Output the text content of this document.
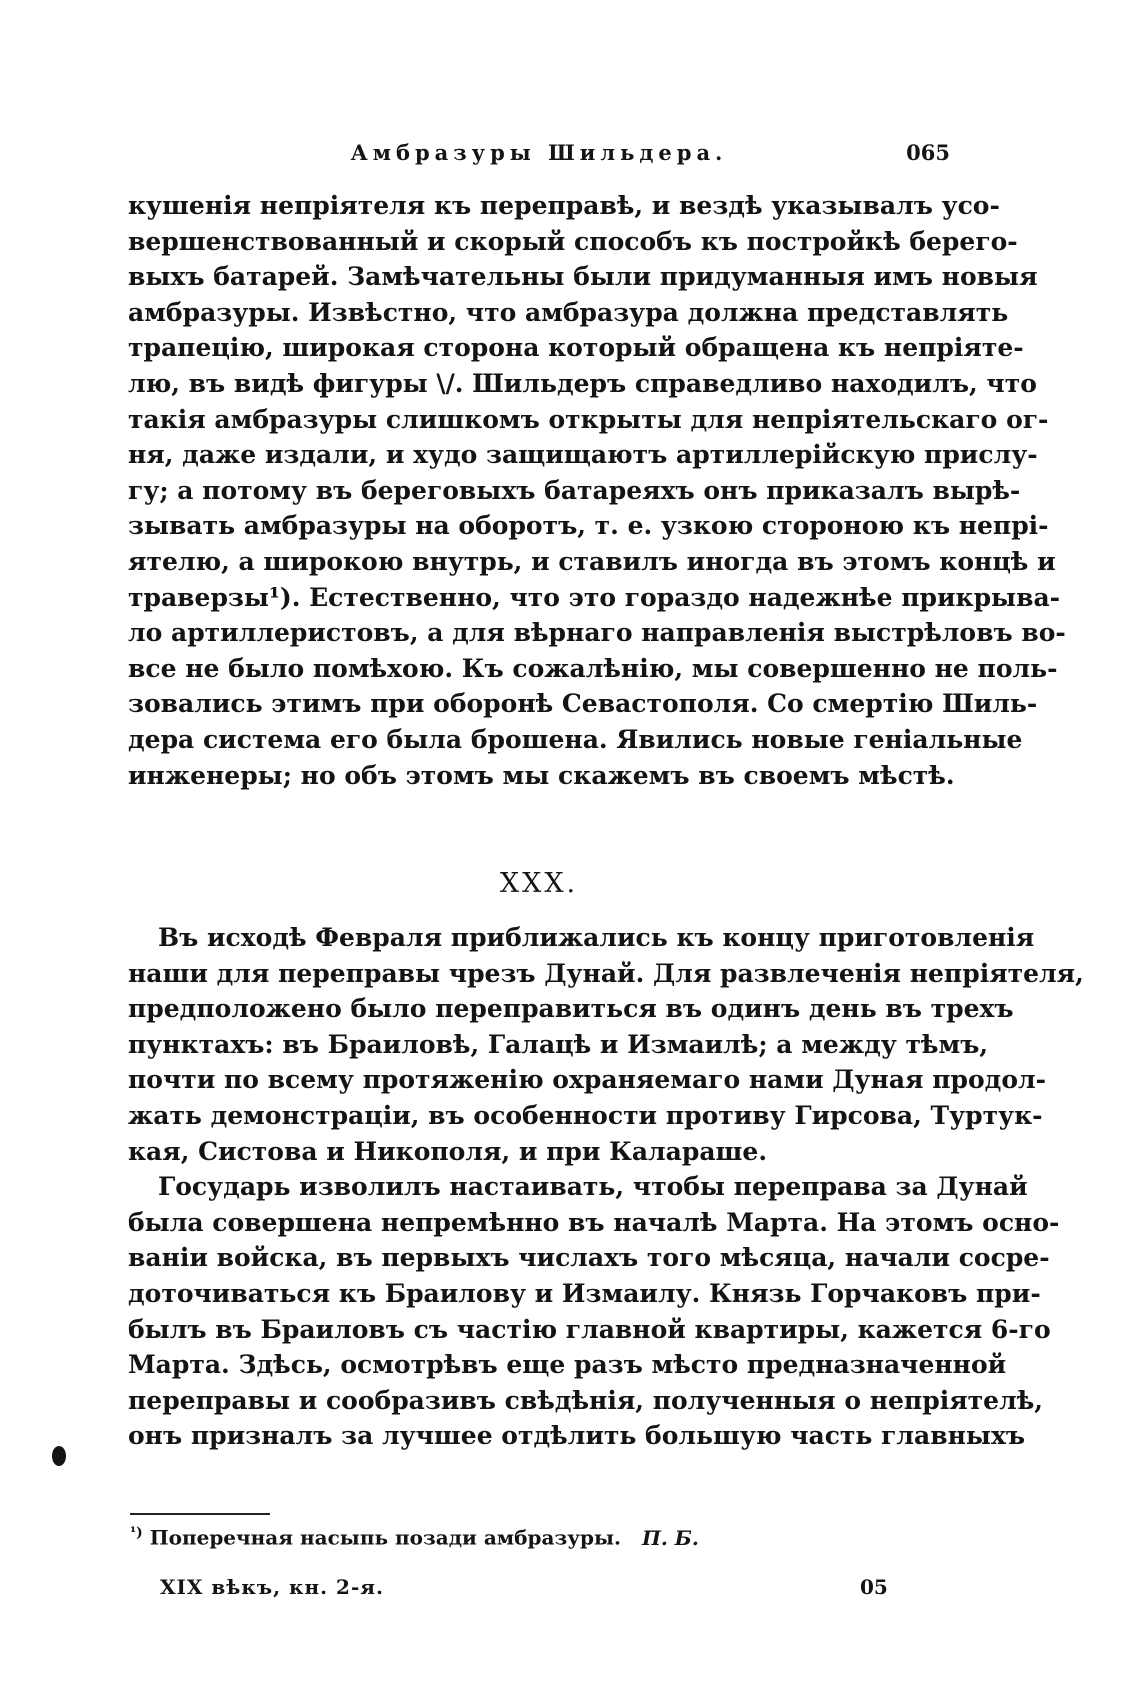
Амбразуры Шильдера.	065
кушенія непріятеля къ переправѣ, и вездѣ указывалъ усо-
вершенствованный и скорый способъ къ постройкѣ берего-
выхъ батарей. Замѣчательны были придуманныя имъ новыя
амбразуры. Извѣстно, что амбразура должна представлять
трапецію, широкая сторона который обращена къ непріяте-
лю, въ видѣ фигуры \/. Шильдеръ справедливо находилъ, что
такія амбразуры слишкомъ открыты для непріятельскаго ог-
ня, даже издали, и худо защищаютъ артиллерійскую прислу-
гу; а потому въ береговыхъ батареяхъ онъ приказалъ вырѣ-
зывать амбразуры на оборотъ, т. е. узкою стороною къ непрі-
ятелю, а широкою внутрь, и ставилъ иногда въ этомъ концѣ и
траверзы¹). Естественно, что это гораздо надежнѣе прикрыва-
ло артиллеристовъ, а для вѣрнаго направленія выстрѣловъ во-
все не было помѣхою. Къ сожалѣнію, мы совершенно не поль-
зовались этимъ при оборонѣ Севастополя. Со смертію Шиль-
дера система его была брошена. Явились новые геніальные
инженеры; но объ этомъ мы скажемъ въ своемъ мѣстѣ.
XXX.
Въ исходѣ Февраля приближались къ концу приготовленія
наши для переправы чрезъ Дунай. Для развлеченія непріятеля,
предположено было переправиться въ одинъ день въ трехъ
пунктахъ: въ Браиловѣ, Галацѣ и Измаилѣ; а между тѣмъ,
почти по всему протяженію охраняемаго нами Дуная продол-
жать демонстраціи, въ особенности противу Гирсова, Туртук-
кая, Систова и Никополя, и при Калараше.
Государь изволилъ настаивать, чтобы переправа за Дунай
была совершена непремѣнно въ началѣ Марта. На этомъ осно-
ваніи войска, въ первыхъ числахъ того мѣсяца, начали сосре-
доточиваться къ Браилову и Измаилу. Князь Горчаковъ при-
былъ въ Браиловъ съ частію главной квартиры, кажется 6-го
Марта. Здѣсь, осмотрѣвъ еще разъ мѣсто предназначенной
переправы и сообразивъ свѣдѣнія, полученныя о непріятелѣ,
онъ призналъ за лучшее отдѣлить большую часть главныхъ
$^{^1)}$ Поперечная насыпь позади амбразуры. П. Б.
XIX вѣкъ, кн. 2-я.	05
